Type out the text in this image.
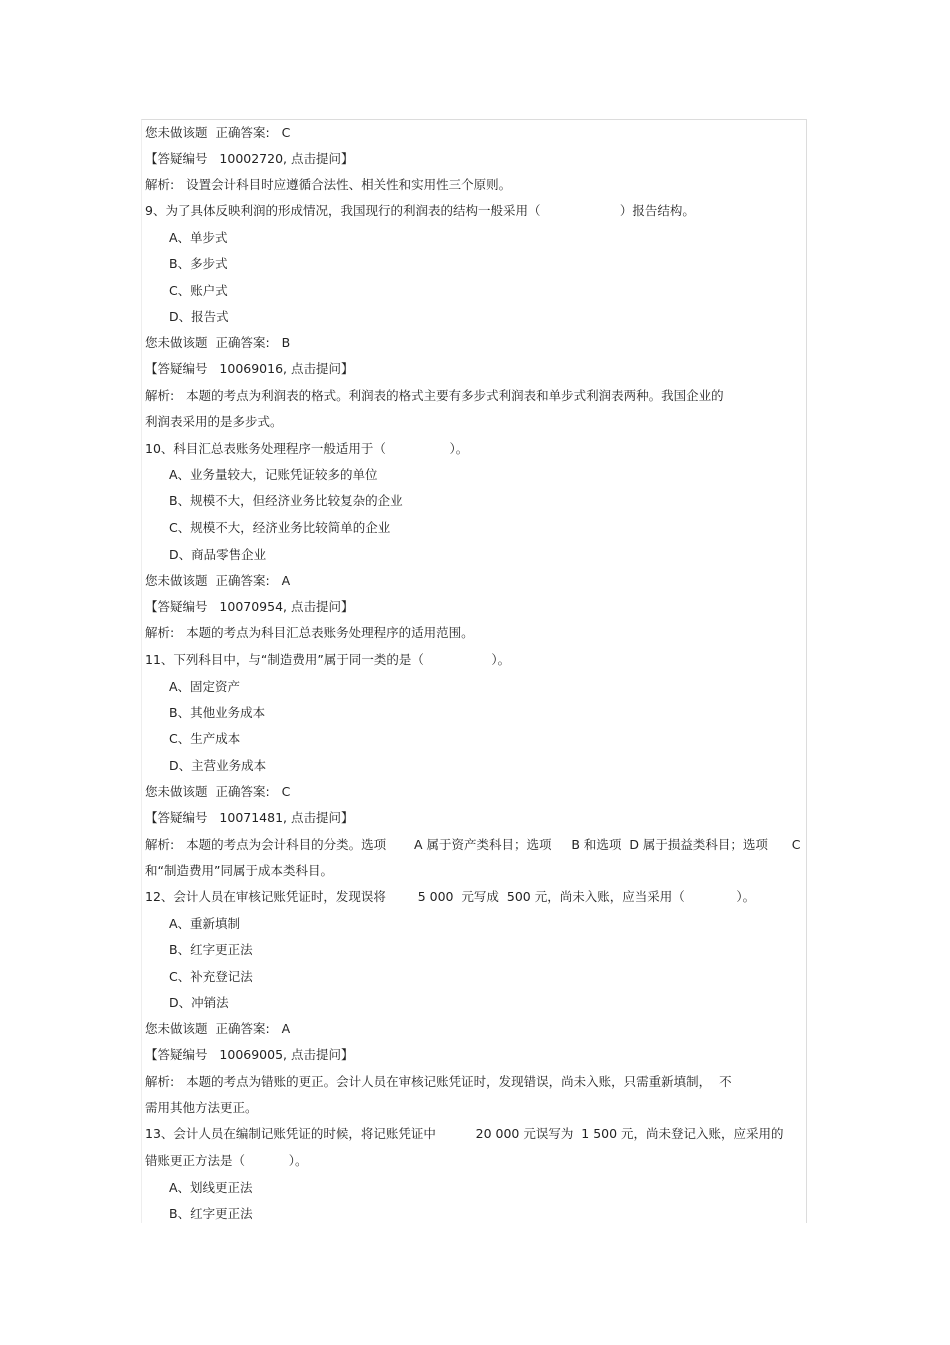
您未做该题  正确答案:   C
【答疑编号   10002720, 点击提问】
解析:   设置会计科目时应遵循合法性、相关性和实用性三个原则。
9、为了具体反映利润的形成情况，我国现行的利润表的结构一般采用（                    ）报告结构。
A、单步式
B、多步式
C、账户式
D、报告式
您未做该题  正确答案:   B
【答疑编号   10069016, 点击提问】
解析:   本题的考点为利润表的格式。利润表的格式主要有多步式利润表和单步式利润表两种。我国企业的
利润表采用的是多步式。
10、科目汇总表账务处理程序一般适用于（                ）。
A、业务量较大，记账凭证较多的单位
B、规模不大，但经济业务比较复杂的企业
C、规模不大，经济业务比较简单的企业
D、商品零售企业
您未做该题  正确答案:   A
【答疑编号   10070954, 点击提问】
解析:   本题的考点为科目汇总表账务处理程序的适用范围。
11、下列科目中，与“制造费用”属于同一类的是（                 ）。
A、固定资产
B、其他业务成本
C、生产成本
D、主营业务成本
您未做该题  正确答案:   C
【答疑编号   10071481, 点击提问】
解析:   本题的考点为会计科目的分类。选项       A 属于资产类科目；选项     B 和选项  D 属于损益类科目；选项      C
和“制造费用”同属于成本类科目。
12、会计人员在审核记账凭证时，发现误将        5 000  元写成  500 元，尚未入账，应当采用（             ）。
A、重新填制
B、红字更正法
C、补充登记法
D、冲销法
您未做该题  正确答案:   A
【答疑编号   10069005, 点击提问】
解析:   本题的考点为错账的更正。会计人员在审核记账凭证时，发现错误，尚未入账，只需重新填制，  不
需用其他方法更正。
13、会计人员在编制记账凭证的时候，将记账凭证中          20 000 元误写为  1 500 元，尚未登记入账，应采用的
错账更正方法是（           ）。
A、划线更正法
B、红字更正法
